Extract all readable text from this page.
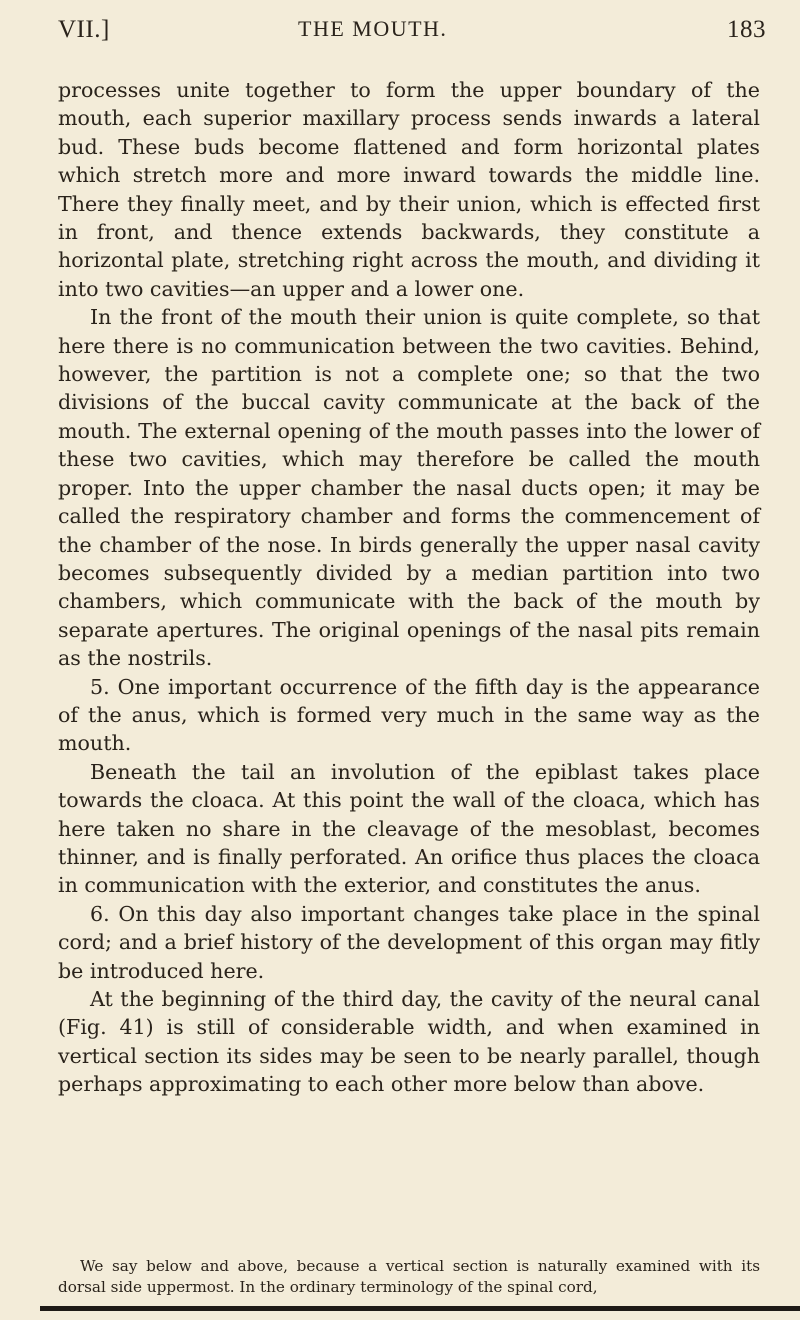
VII.]	THE MOUTH.	183

processes unite together to form the upper boundary of the mouth, each superior maxillary process sends inwards a lateral bud. These buds become flattened and form horizontal plates which stretch more and more inward towards the middle line. There they finally meet, and by their union, which is effected first in front, and thence extends backwards, they constitute a horizontal plate, stretching right across the mouth, and dividing it into two cavities—an upper and a lower one.

In the front of the mouth their union is quite complete, so that here there is no communication between the two cavities. Behind, however, the partition is not a complete one; so that the two divisions of the buccal cavity communicate at the back of the mouth. The external opening of the mouth passes into the lower of these two cavities, which may therefore be called the mouth proper. Into the upper chamber the nasal ducts open; it may be called the respiratory chamber and forms the commencement of the chamber of the nose. In birds generally the upper nasal cavity becomes subsequently divided by a median partition into two chambers, which communicate with the back of the mouth by separate apertures. The original openings of the nasal pits remain as the nostrils.

5. One important occurrence of the fifth day is the appearance of the anus, which is formed very much in the same way as the mouth.

Beneath the tail an involution of the epiblast takes place towards the cloaca. At this point the wall of the cloaca, which has here taken no share in the cleavage of the mesoblast, becomes thinner, and is finally perforated. An orifice thus places the cloaca in communication with the exterior, and constitutes the anus.

6. On this day also important changes take place in the spinal cord; and a brief history of the development of this organ may fitly be introduced here.

At the beginning of the third day, the cavity of the neural canal (Fig. 41) is still of considerable width, and when examined in vertical section its sides may be seen to be nearly parallel, though perhaps approximating to each other more below than above.

We say below and above, because a vertical section is naturally examined with its dorsal side uppermost. In the ordinary terminology of the spinal cord,
